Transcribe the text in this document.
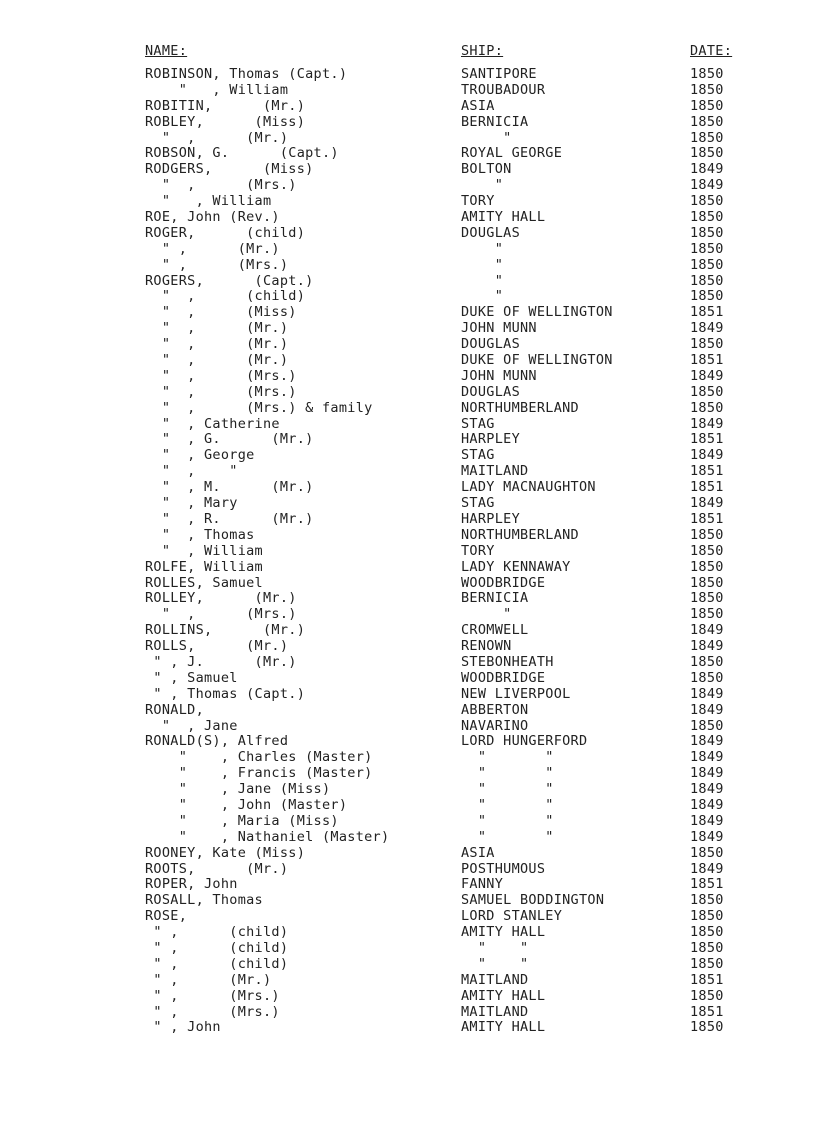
NAME:	SHIP:	DATE:
ROBINSON, Thomas (Capt.)	SANTIPORE	1850
"   , William	TROUBADOUR	1850
ROBITIN,      (Mr.)	ASIA	1850
ROBLEY,      (Miss)	BERNICIA	1850
"  ,      (Mr.)	"	1850
ROBSON, G.      (Capt.)	ROYAL GEORGE	1850
RODGERS,      (Miss)	BOLTON	1849
"  ,      (Mrs.)	"	1849
"   , William	TORY	1850
ROE, John (Rev.)	AMITY HALL	1850
ROGER,      (child)	DOUGLAS	1850
" ,      (Mr.)	"	1850
" ,      (Mrs.)	"	1850
ROGERS,      (Capt.)	"	1850
"  ,      (child)	"	1850
"  ,      (Miss)	DUKE OF WELLINGTON	1851
"  ,      (Mr.)	JOHN MUNN	1849
"  ,      (Mr.)	DOUGLAS	1850
"  ,      (Mr.)	DUKE OF WELLINGTON	1851
"  ,      (Mrs.)	JOHN MUNN	1849
"  ,      (Mrs.)	DOUGLAS	1850
"  ,      (Mrs.) & family	NORTHUMBERLAND	1850
"  , Catherine	STAG	1849
"  , G.      (Mr.)	HARPLEY	1851
"  , George	STAG	1849
"  ,    "	MAITLAND	1851
"  , M.      (Mr.)	LADY MACNAUGHTON	1851
"  , Mary	STAG	1849
"  , R.      (Mr.)	HARPLEY	1851
"  , Thomas	NORTHUMBERLAND	1850
"  , William	TORY	1850
ROLFE, William	LADY KENNAWAY	1850
ROLLES, Samuel	WOODBRIDGE	1850
ROLLEY,      (Mr.)	BERNICIA	1850
"  ,      (Mrs.)	"	1850
ROLLINS,      (Mr.)	CROMWELL	1849
ROLLS,      (Mr.)	RENOWN	1849
" , J.      (Mr.)	STEBONHEATH	1850
" , Samuel	WOODBRIDGE	1850
" , Thomas (Capt.)	NEW LIVERPOOL	1849
RONALD,	ABBERTON	1849
"  , Jane	NAVARINO	1850
RONALD(S), Alfred	LORD HUNGERFORD	1849
"    , Charles (Master)	"       "	1849
"    , Francis (Master)	"       "	1849
"    , Jane (Miss)	"       "	1849
"    , John (Master)	"       "	1849
"    , Maria (Miss)	"       "	1849
"    , Nathaniel (Master)	"       "	1849
ROONEY, Kate (Miss)	ASIA	1850
ROOTS,      (Mr.)	POSTHUMOUS	1849
ROPER, John	FANNY	1851
ROSALL, Thomas	SAMUEL BODDINGTON	1850
ROSE,	LORD STANLEY	1850
" ,      (child)	AMITY HALL	1850
" ,      (child)	"    "	1850
" ,      (child)	"    "	1850
" ,      (Mr.)	MAITLAND	1851
" ,      (Mrs.)	AMITY HALL	1850
" ,      (Mrs.)	MAITLAND	1851
" , John	AMITY HALL	1850
